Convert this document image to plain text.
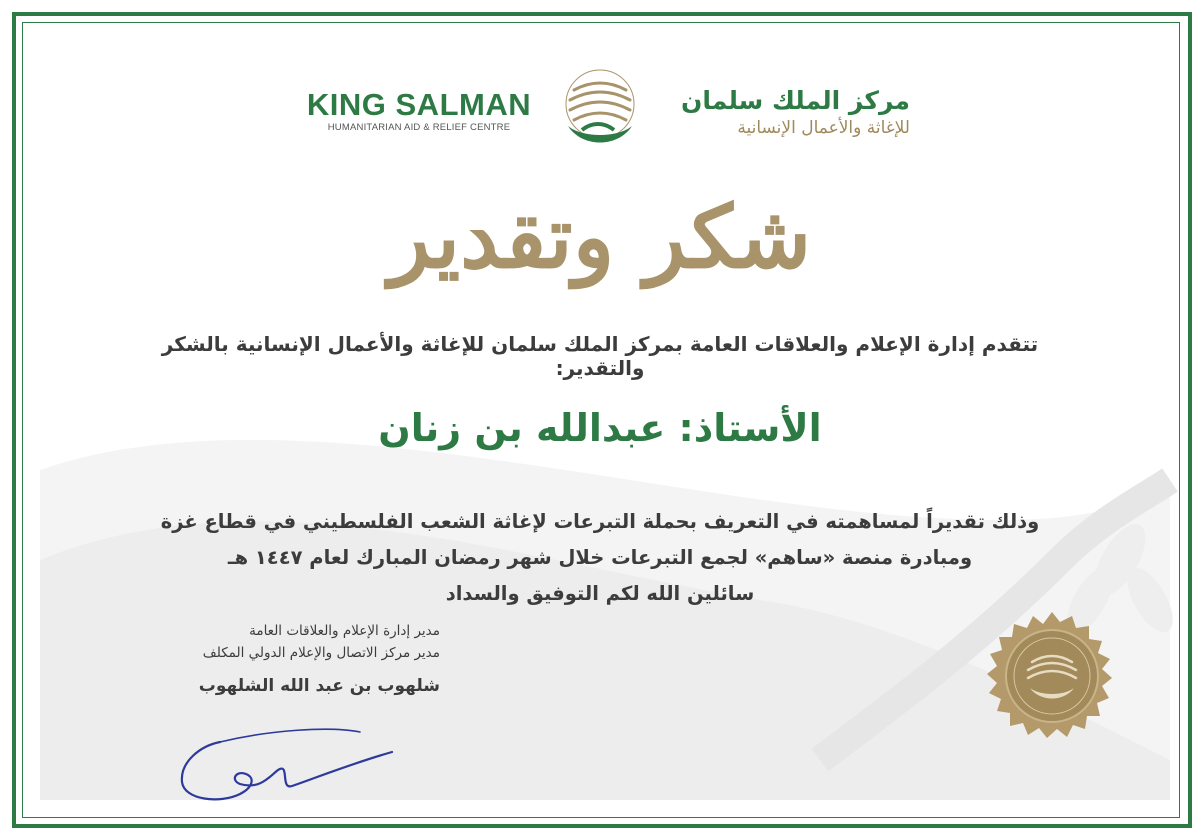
KING SALMAN
HUMANITARIAN AID & RELIEF CENTRE
مركز الملك سلمان
للإغاثة والأعمال الإنسانية
شكر وتقدير
تتقدم إدارة الإعلام والعلاقات العامة بمركز الملك سلمان للإغاثة والأعمال الإنسانية بالشكر والتقدير:
الأستاذ: عبدالله بن زنان
وذلك تقديراً لمساهمته في التعريف بحملة التبرعات لإغاثة الشعب الفلسطيني في قطاع غزة
ومبادرة منصة «ساهم» لجمع التبرعات خلال شهر رمضان المبارك لعام ١٤٤٧ هـ
سائلين الله لكم التوفيق والسداد
مدير إدارة الإعلام والعلاقات العامة
مدير مركز الاتصال والإعلام الدولي المكلف
شلهوب بن عبد الله الشلهوب
